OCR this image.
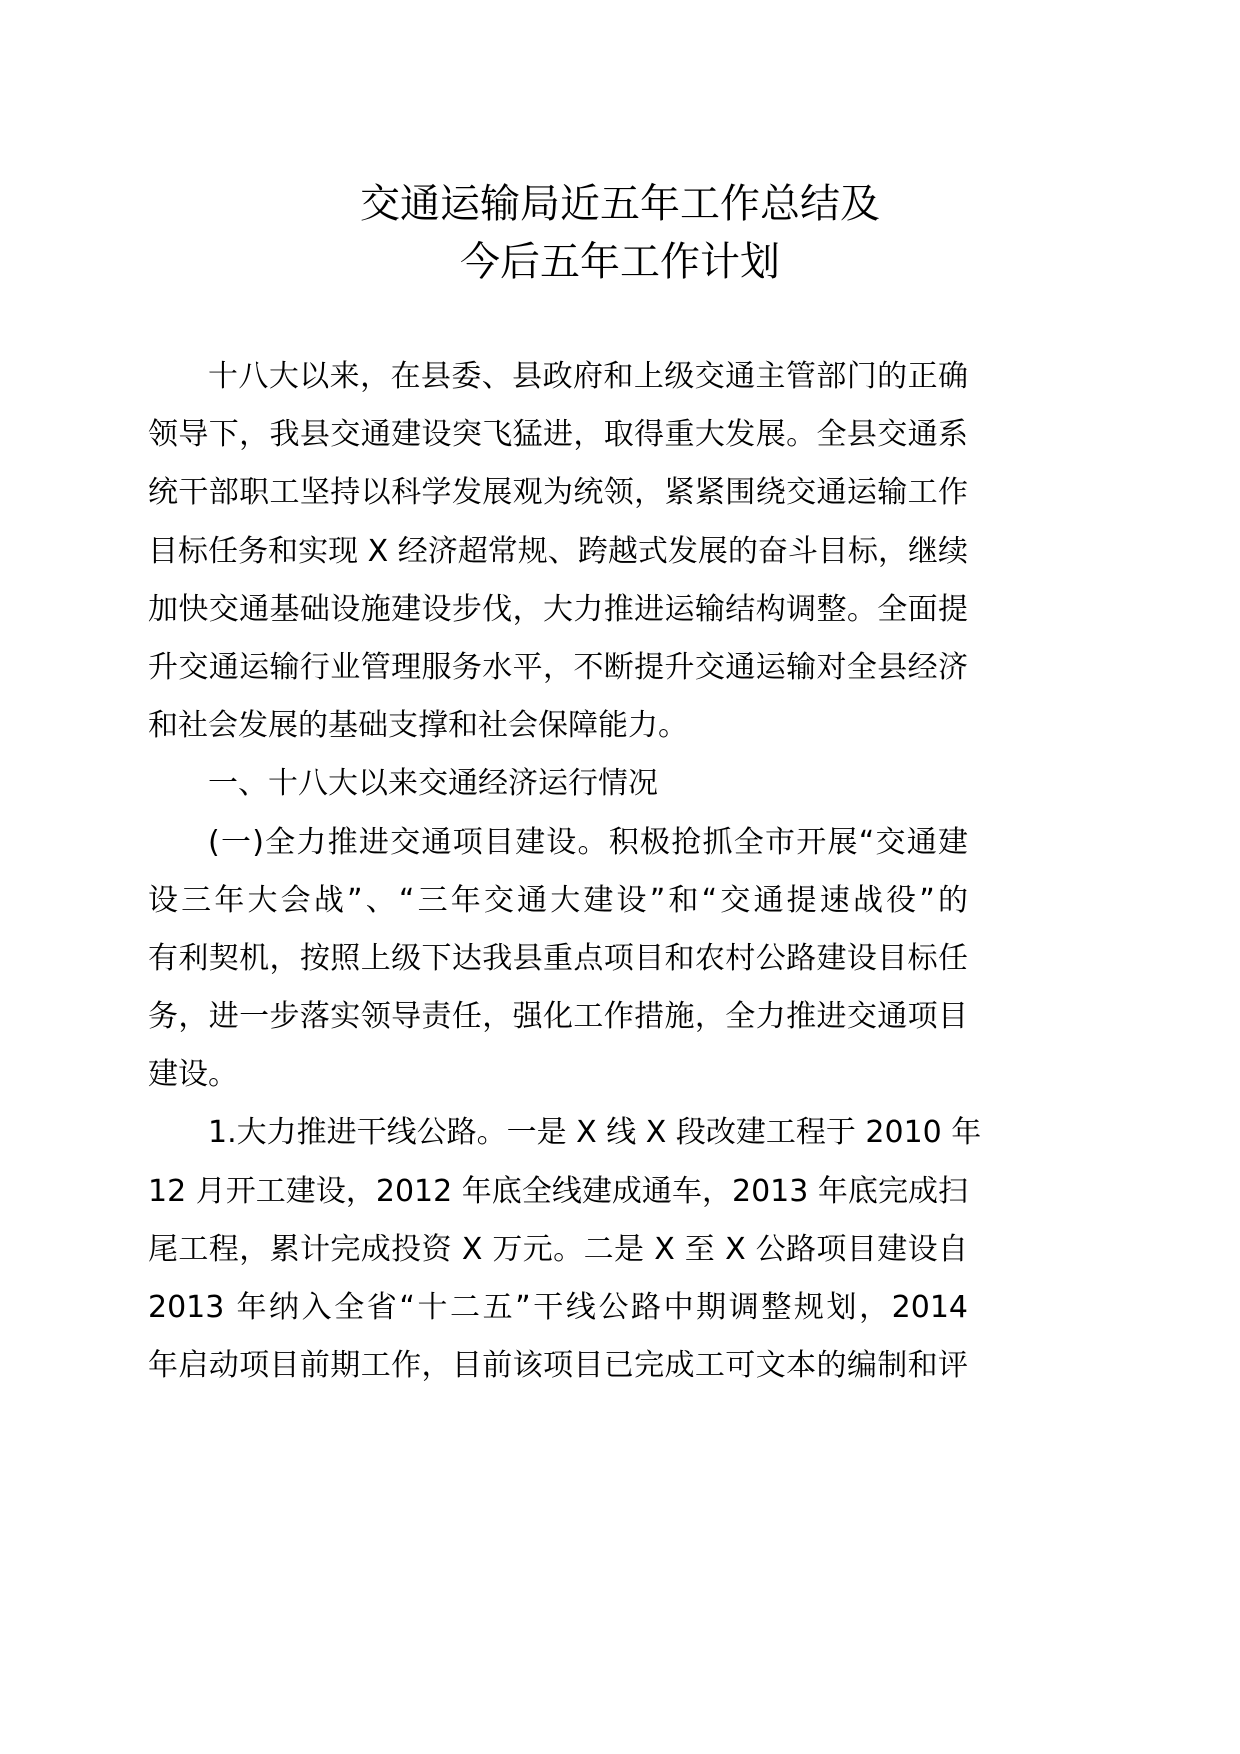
交通运输局近五年工作总结及
今后五年工作计划
十八大以来，在县委、县政府和上级交通主管部门的正确
领导下，我县交通建设突飞猛进，取得重大发展。全县交通系
统干部职工坚持以科学发展观为统领，紧紧围绕交通运输工作
目标任务和实现 X 经济超常规、跨越式发展的奋斗目标，继续
加快交通基础设施建设步伐，大力推进运输结构调整。全面提
升交通运输行业管理服务水平，不断提升交通运输对全县经济
和社会发展的基础支撑和社会保障能力。
一、十八大以来交通经济运行情况
(一)全力推进交通项目建设。积极抢抓全市开展“交通建
设三年大会战”、“三年交通大建设”和“交通提速战役”的
有利契机，按照上级下达我县重点项目和农村公路建设目标任
务，进一步落实领导责任，强化工作措施，全力推进交通项目
建设。
1.大力推进干线公路。一是 X 线 X 段改建工程于 2010 年
12 月开工建设，2012 年底全线建成通车，2013 年底完成扫
尾工程，累计完成投资 X 万元。二是 X 至 X 公路项目建设自
2013 年纳入全省“十二五”干线公路中期调整规划，2014
年启动项目前期工作，目前该项目已完成工可文本的编制和评
